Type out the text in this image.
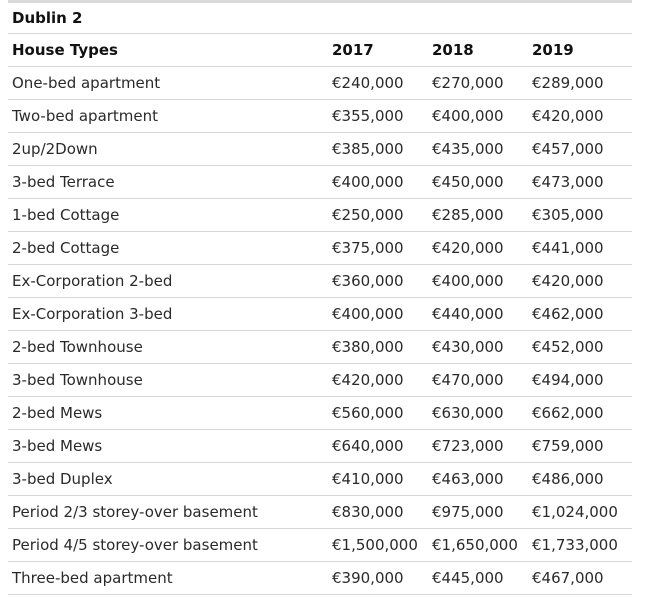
Dublin 2
House Types	2017	2018	2019
One-bed apartment	€240,000	€270,000	€289,000
Two-bed apartment	€355,000	€400,000	€420,000
2up/2Down	€385,000	€435,000	€457,000
3-bed Terrace	€400,000	€450,000	€473,000
1-bed Cottage	€250,000	€285,000	€305,000
2-bed Cottage	€375,000	€420,000	€441,000
Ex-Corporation 2-bed	€360,000	€400,000	€420,000
Ex-Corporation 3-bed	€400,000	€440,000	€462,000
2-bed Townhouse	€380,000	€430,000	€452,000
3-bed Townhouse	€420,000	€470,000	€494,000
2-bed Mews	€560,000	€630,000	€662,000
3-bed Mews	€640,000	€723,000	€759,000
3-bed Duplex	€410,000	€463,000	€486,000
Period 2/3 storey-over basement	€830,000	€975,000	€1,024,000
Period 4/5 storey-over basement	€1,500,000	€1,650,000	€1,733,000
Three-bed apartment	€390,000	€445,000	€467,000
